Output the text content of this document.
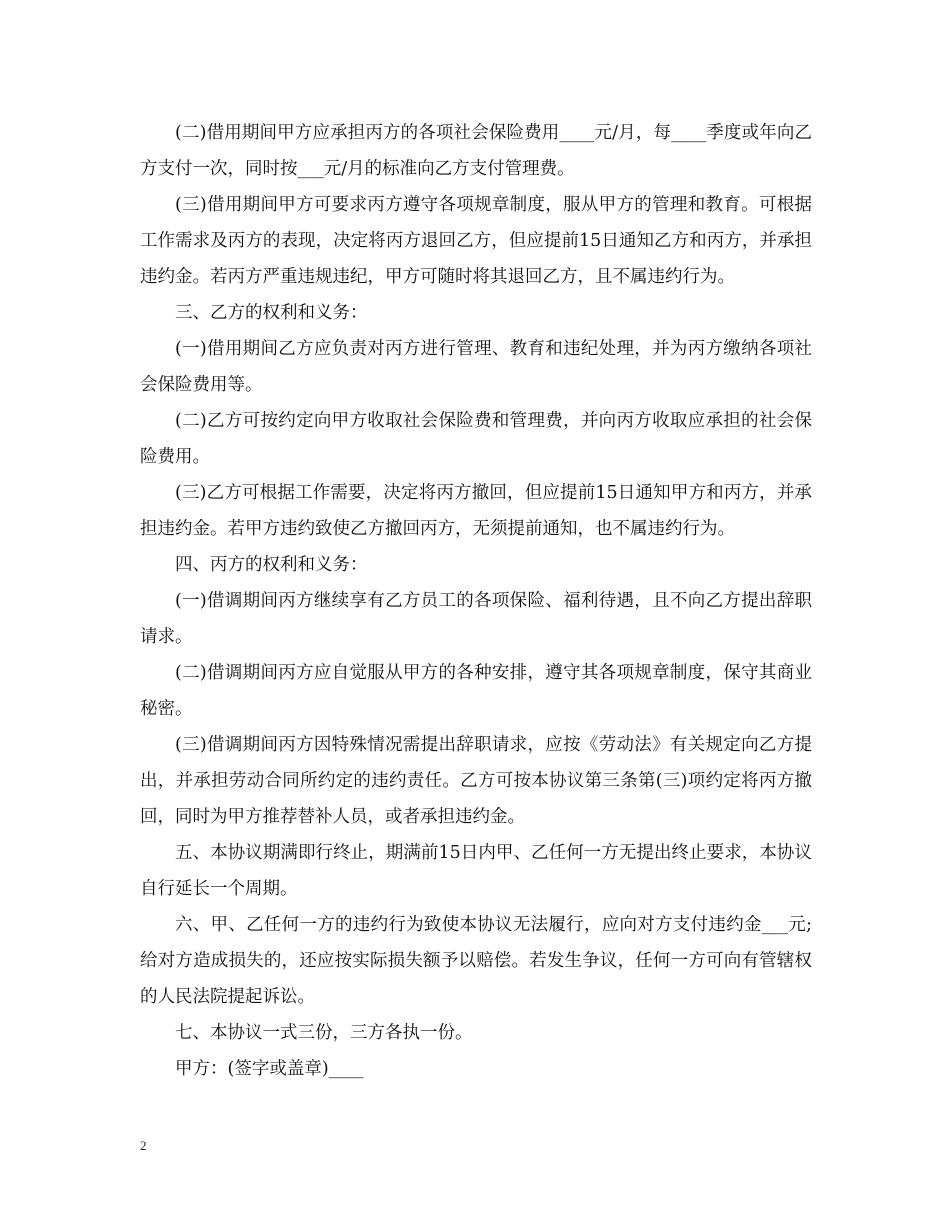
(二)借用期间甲方应承担丙方的各项社会保险费用____元/月，每____季度或年向乙方支付一次，同时按___元/月的标准向乙方支付管理费。

(三)借用期间甲方可要求丙方遵守各项规章制度，服从甲方的管理和教育。可根据工作需求及丙方的表现，决定将丙方退回乙方，但应提前15日通知乙方和丙方，并承担违约金。若丙方严重违规违纪，甲方可随时将其退回乙方，且不属违约行为。

三、乙方的权利和义务：

(一)借用期间乙方应负责对丙方进行管理、教育和违纪处理，并为丙方缴纳各项社会保险费用等。

(二)乙方可按约定向甲方收取社会保险费和管理费，并向丙方收取应承担的社会保险费用。

(三)乙方可根据工作需要，决定将丙方撤回，但应提前15日通知甲方和丙方，并承担违约金。若甲方违约致使乙方撤回丙方，无须提前通知，也不属违约行为。

四、丙方的权利和义务：

(一)借调期间丙方继续享有乙方员工的各项保险、福利待遇，且不向乙方提出辞职请求。

(二)借调期间丙方应自觉服从甲方的各种安排，遵守其各项规章制度，保守其商业秘密。

(三)借调期间丙方因特殊情况需提出辞职请求，应按《劳动法》有关规定向乙方提出，并承担劳动合同所约定的违约责任。乙方可按本协议第三条第(三)项约定将丙方撤回，同时为甲方推荐替补人员，或者承担违约金。

五、本协议期满即行终止，期满前15日内甲、乙任何一方无提出终止要求，本协议自行延长一个周期。

六、甲、乙任何一方的违约行为致使本协议无法履行，应向对方支付违约金___元;给对方造成损失的，还应按实际损失额予以赔偿。若发生争议，任何一方可向有管辖权的人民法院提起诉讼。

七、本协议一式三份，三方各执一份。

甲方：(签字或盖章)____

2
